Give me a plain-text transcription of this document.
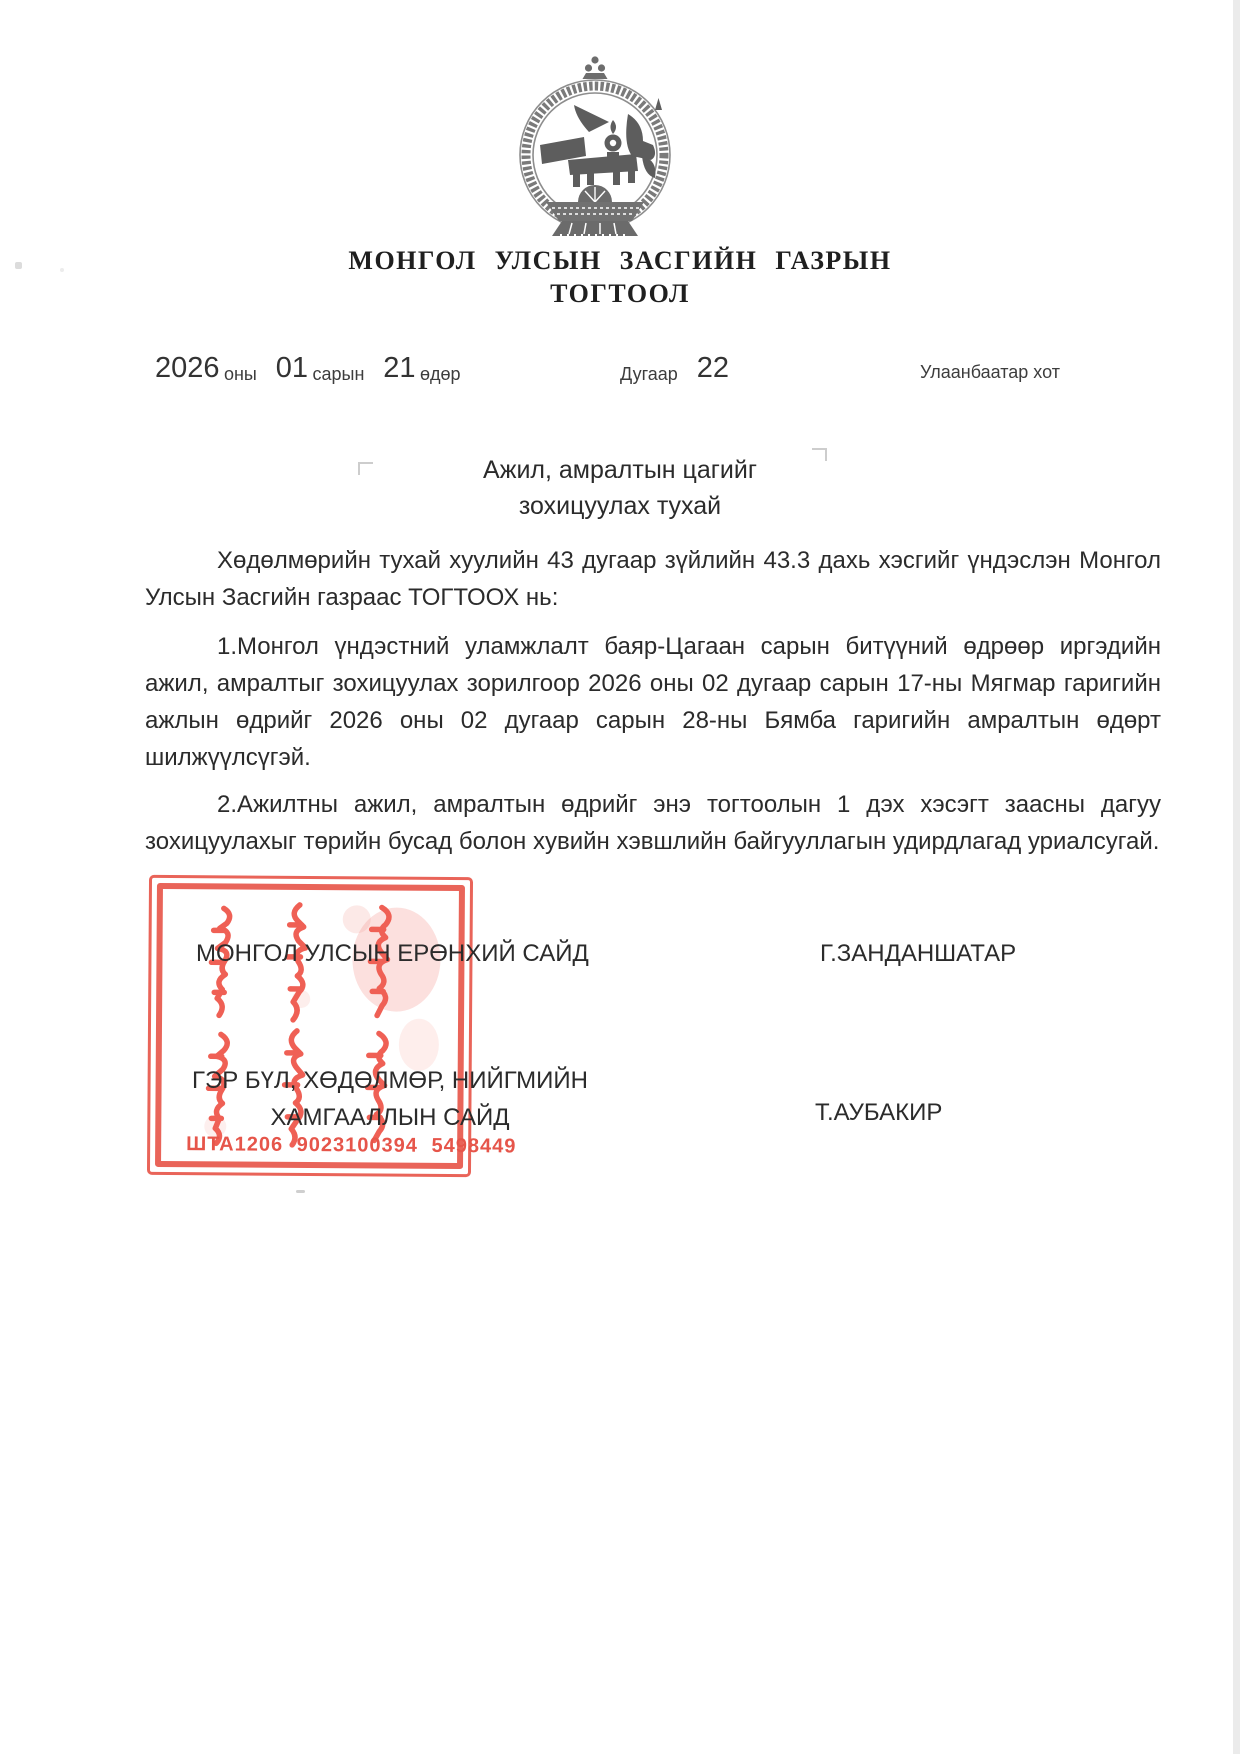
МОНГОЛ УЛСЫН ЗАСГИЙН ГАЗРЫН
ТОГТООЛ
2026 оны 01 сарын 21 өдөр	Дугаар 22	Улаанбаатар хот
Ажил, амралтын цагийг
зохицуулах тухай

Хөдөлмөрийн тухай хуулийн 43 дугаар зүйлийн 43.3 дахь хэсгийг үндэслэн Монгол Улсын Засгийн газраас ТОГТООХ нь:

1.Монгол үндэстний уламжлалт баяр-Цагаан сарын битүүний өдрөөр иргэдийн ажил, амралтыг зохицуулах зорилгоор 2026 оны 02 дугаар сарын 17-ны Мягмар гаригийн ажлын өдрийг 2026 оны 02 дугаар сарын 28-ны Бямба гаригийн амралтын өдөрт шилжүүлсүгэй.

2.Ажилтны ажил, амралтын өдрийг энэ тогтоолын 1 дэх хэсэгт заасны дагуу зохицуулахыг төрийн бусад болон хувийн хэвшлийн байгууллагын удирдлагад уриалсугай.

ШТА1206 9023100394 5498449
МОНГОЛ УЛСЫН ЕРӨНХИЙ САЙД	Г.ЗАНДАНШАТАР
ГЭР БҮЛ, ХӨДӨЛМӨР, НИЙГМИЙН
ХАМГААЛЛЫН САЙД	Т.АУБАКИР
